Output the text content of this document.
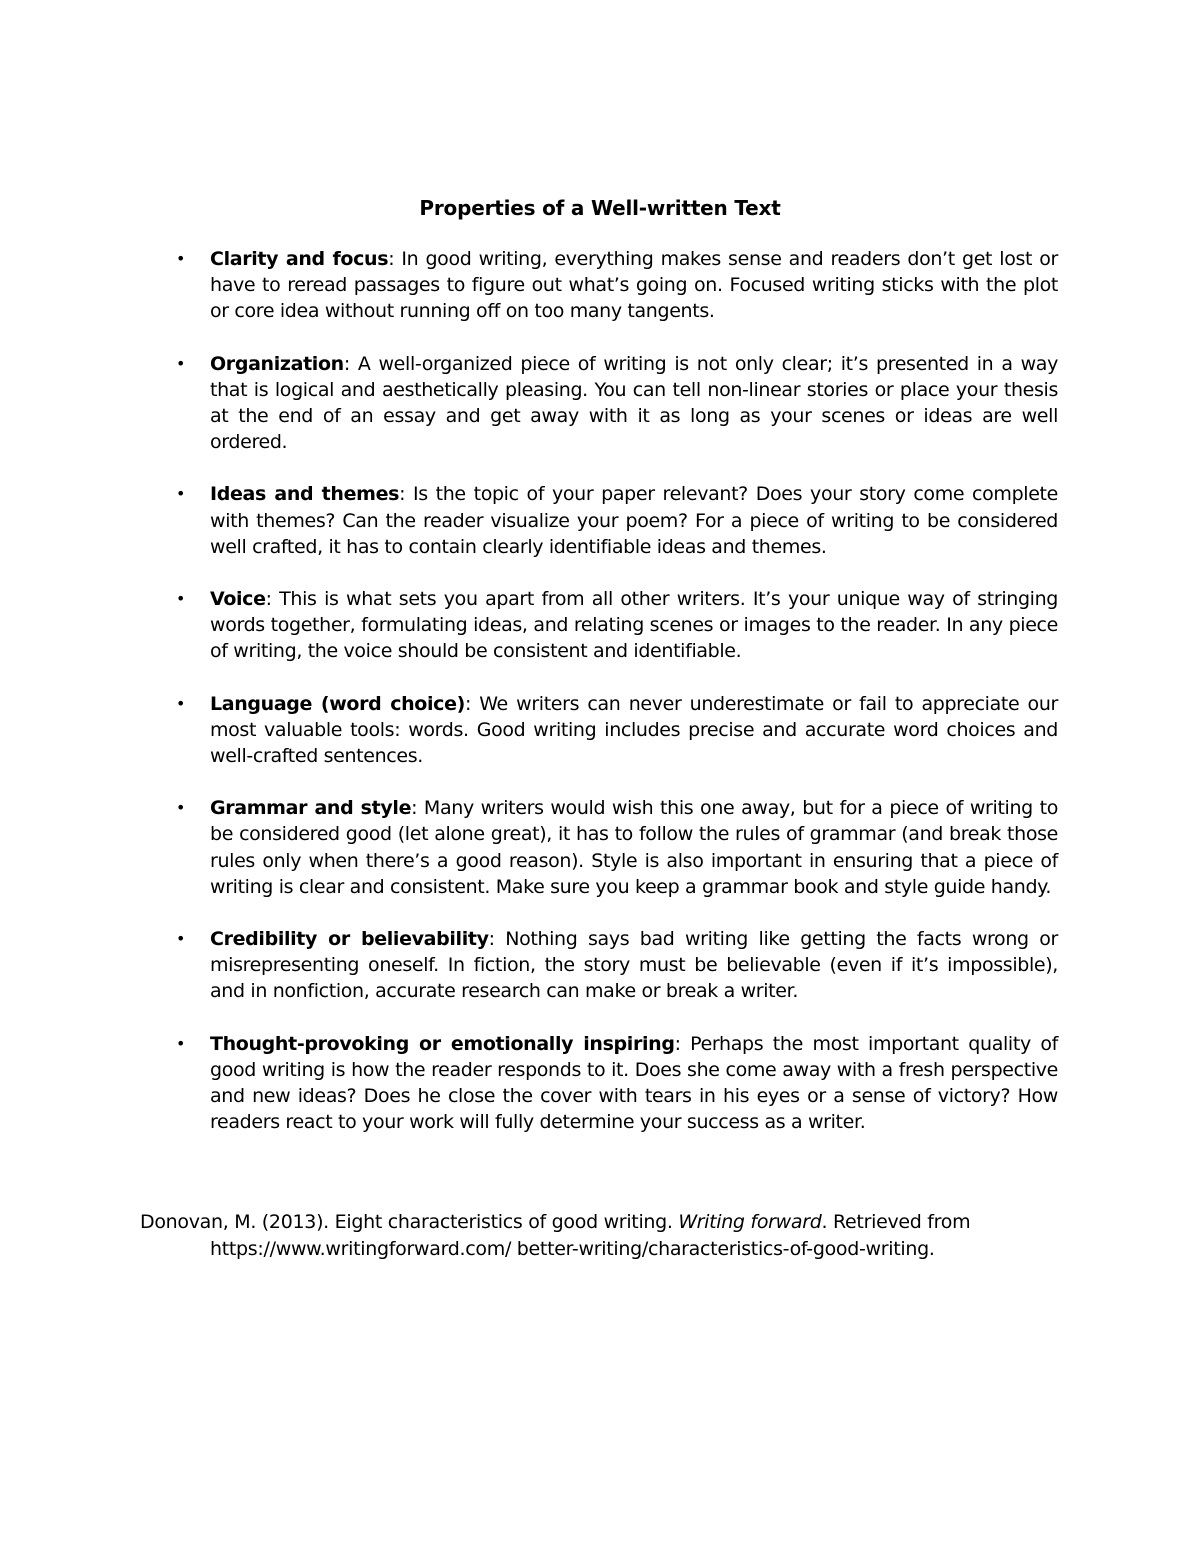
Properties of a Well-written Text
• Clarity and focus: In good writing, everything makes sense and readers don’t get lost or have to reread passages to figure out what’s going on. Focused writing sticks with the plot or core idea without running off on too many tangents.
• Organization: A well-organized piece of writing is not only clear; it’s presented in a way that is logical and aesthetically pleasing. You can tell non-linear stories or place your thesis at the end of an essay and get away with it as long as your scenes or ideas are well ordered.
• Ideas and themes: Is the topic of your paper relevant? Does your story come complete with themes? Can the reader visualize your poem? For a piece of writing to be considered well crafted, it has to contain clearly identifiable ideas and themes.
• Voice: This is what sets you apart from all other writers. It’s your unique way of stringing words together, formulating ideas, and relating scenes or images to the reader. In any piece of writing, the voice should be consistent and identifiable.
• Language (word choice): We writers can never underestimate or fail to appreciate our most valuable tools: words. Good writing includes precise and accurate word choices and well-crafted sentences.
• Grammar and style: Many writers would wish this one away, but for a piece of writing to be considered good (let alone great), it has to follow the rules of grammar (and break those rules only when there’s a good reason). Style is also important in ensuring that a piece of writing is clear and consistent. Make sure you keep a grammar book and style guide handy.
• Credibility or believability: Nothing says bad writing like getting the facts wrong or misrepresenting oneself. In fiction, the story must be believable (even if it’s impossible), and in nonfiction, accurate research can make or break a writer.
• Thought-provoking or emotionally inspiring: Perhaps the most important quality of good writing is how the reader responds to it. Does she come away with a fresh perspective and new ideas? Does he close the cover with tears in his eyes or a sense of victory? How readers react to your work will fully determine your success as a writer.
Donovan, M. (2013). Eight characteristics of good writing. Writing forward. Retrieved from https://www.writingforward.com/ better-writing/characteristics-of-good-writing.
